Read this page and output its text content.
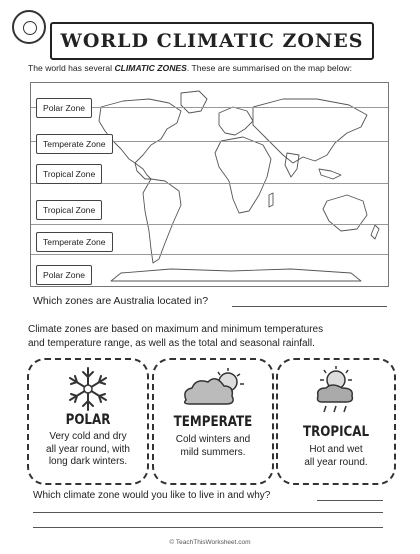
WORLD CLIMATIC ZONES
The world has several CLIMATIC ZONES. These are summarised on the map below:
Polar Zone
Temperate Zone
Tropical Zone
Tropical Zone
Temperate Zone
Polar Zone
Which zones are Australia located in?
Climate zones are based on maximum and minimum temperatures
and temperature range, as well as the total and seasonal rainfall.
POLAR
Very cold and dry
all year round, with
long dark winters.
TEMPERATE
Cold winters and
mild summers.
TROPICAL
Hot and wet
all year round.
Which climate zone would you like to live in and why?
© TeachThisWorksheet.com
